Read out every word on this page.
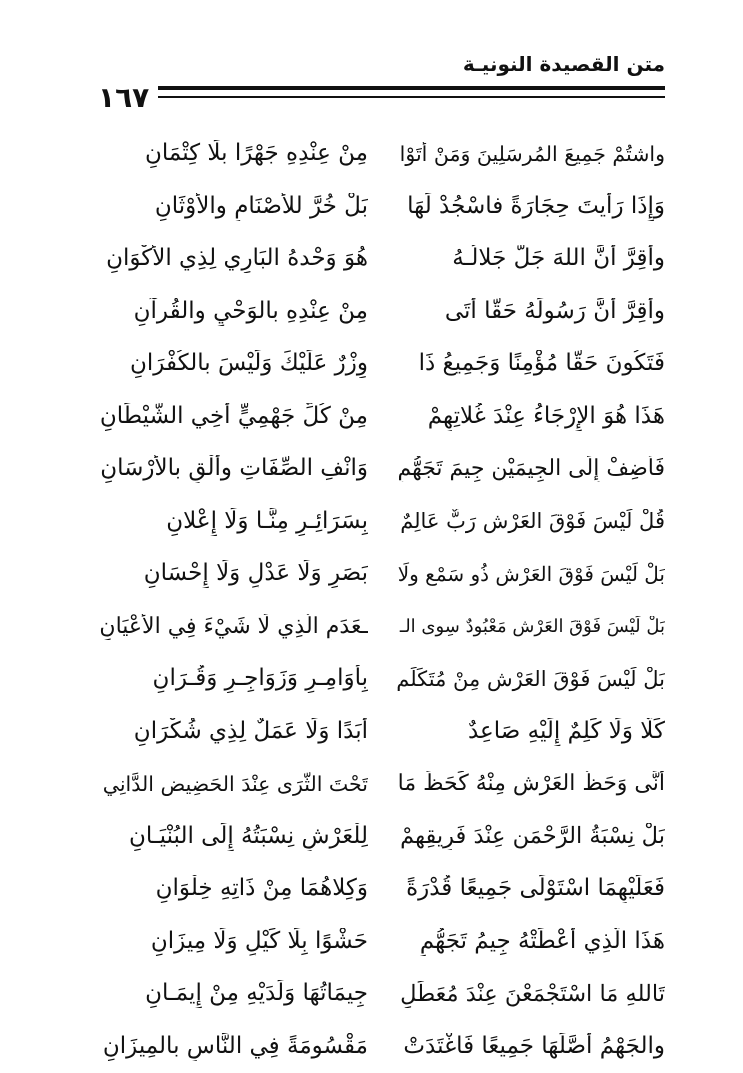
متن القصيدة النونيـة
١٦٧
واشتُمْ جَمِيعَ المُرسَلِينَ وَمَنْ أَتَوْا
مِنْ عِنْدِهِ جَهْرًا بلَا كِتْمَانِ
وَإِذَا رَأَيتَ حِجَارَةً فاسْجُدْ لَهَا
بَلْ خُرَّ للأَصْنَامِ والأَوْثَانِ
وأقِرَّ أَنَّ اللهَ جَلَّ جَلالُـهُ
هُوَ وَحْدهُ البَارِي لِذِي الأَكْوَانِ
وأقِرَّ أَنَّ رَسُولَهُ حَقًّا أَتَى
مِنْ عِنْدِهِ بالوَحْيِ والقُرآنِ
فَتَكُونَ حَقًّا مُؤْمِنًا وَجَمِيعُ ذَا
وِزْرٌ عَلَيْكَ وَلَيْسَ بالكُفْرَانِ
هَذَا هُوَ الإِرْجَاءُ عِنْدَ غُلاتِهِمْ
مِنْ كُلِّ جَهْمِيٍّ أَخِي الشَّيْطَانِ
فَأَضِفْ إِلَى الجِيمَيْنِ جِيمَ تَجَهُّمٍ
وَانْفِ الصِّفَاتِ وأَلْقِ بالأَرْسَانِ
قُلْ لَيْسَ فَوْقَ العَرْشِ رَبٌّ عَالِمٌ
بِسَرَائِـرٍ مِنَّـا وَلَا إِعْلانِ
بَلْ لَيْسَ فَوْقَ العَرْشِ ذُو سَمْعٍ ولَا
بَصَرٍ وَلَا عَدْلٍ وَلَا إِحْسَانِ
بَلْ لَيْسَ فَوْقَ العَرْشِ مَعْبُودٌ سِوى الـ
ـعَدَمِ الَّذِي لَا شَيْءَ فِي الأَعْيَانِ
بَلْ لَيْسَ فَوْقَ العَرْشِ مِنْ مُتَكَلِّمٍ
بِأَوَامِـرٍ وَزَوَاجِـرٍ وَقُـرَانِ
كَلَّا وَلَا كَلِمٌ إِلَيْهِ صَاعِدٌ
أَبَدًا وَلَا عَمَلٌ لِذِي شُكْرَانِ
أنَّى وَحَظُّ العَرْشِ مِنْهُ كَحَظِّ مَا
تَحْتَ الثَّرَى عِنْدَ الحَضِيضِ الدَّانِي
بَلْ نِسْبَةُ الرَّحْمَنِ عِنْدَ فَرِيقِهِمْ
لِلْعَرْشِ نِسْبَتُهُ إِلَى البُنْيَـانِ
فَعَلَيْهِمَا اسْتَوْلَى جَمِيعًا قُدْرَةً
وَكِلاهُمَا مِنْ ذَاتِهِ خِلْوَانِ
هَذَا الَّذِي أَعْطَتْهُ جِيمُ تَجَهُّمٍ
حَشْوًا بِلَا كَيْلٍ وَلَا مِيزَانِ
تَاللهِ مَا اسْتَجْمَعْنَ عِنْدَ مُعَطِّلٍ
جِيمَاتُهَا وَلَدَيْهِ مِنْ إِيمَـانِ
والجَهْمُ أَصَّلَهَا جَمِيعًا فَاغْتَدَتْ
مَقْسُومَةً فِي النَّاسِ بالمِيزَانِ
